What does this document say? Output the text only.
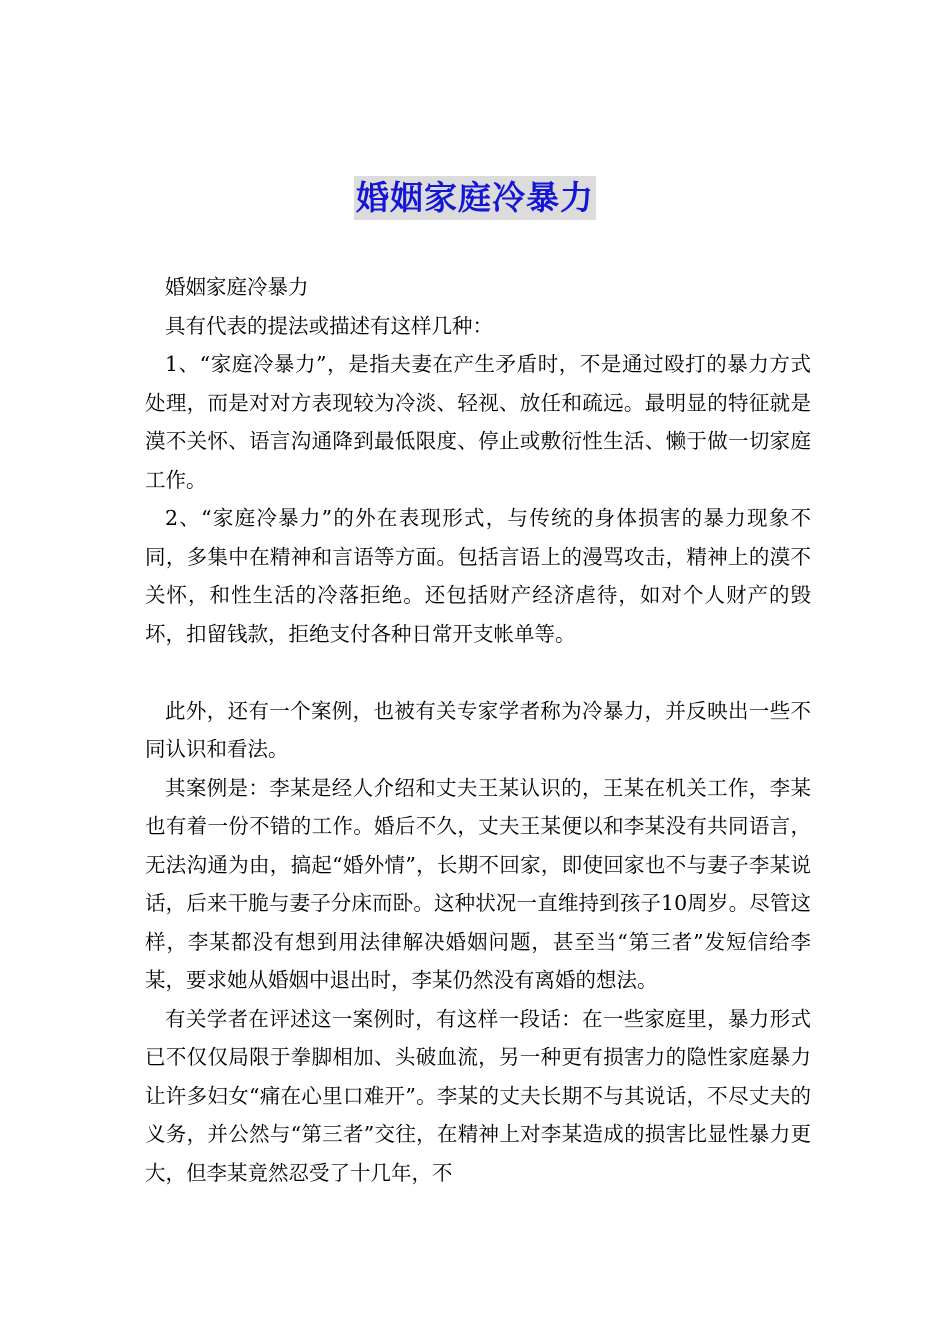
婚姻家庭冷暴力

婚姻家庭冷暴力

具有代表的提法或描述有这样几种：

1、“家庭冷暴力”，是指夫妻在产生矛盾时，不是通过殴打的暴力方式处理，而是对对方表现较为冷淡、轻视、放任和疏远。最明显的特征就是漠不关怀、语言沟通降到最低限度、停止或敷衍性生活、懒于做一切家庭工作。

2、“家庭冷暴力”的外在表现形式，与传统的身体损害的暴力现象不同，多集中在精神和言语等方面。包括言语上的漫骂攻击，精神上的漠不关怀，和性生活的冷落拒绝。还包括财产经济虐待，如对个人财产的毁坏，扣留钱款，拒绝支付各种日常开支帐单等。

此外，还有一个案例，也被有关专家学者称为冷暴力，并反映出一些不同认识和看法。

其案例是：李某是经人介绍和丈夫王某认识的，王某在机关工作，李某也有着一份不错的工作。婚后不久，丈夫王某便以和李某没有共同语言，无法沟通为由，搞起“婚外情”，长期不回家，即使回家也不与妻子李某说话，后来干脆与妻子分床而卧。这种状况一直维持到孩子10周岁。尽管这样，李某都没有想到用法律解决婚姻问题，甚至当“第三者”发短信给李某，要求她从婚姻中退出时，李某仍然没有离婚的想法。

有关学者在评述这一案例时，有这样一段话：在一些家庭里，暴力形式已不仅仅局限于拳脚相加、头破血流，另一种更有损害力的隐性家庭暴力让许多妇女“痛在心里口难开”。李某的丈夫长期不与其说话，不尽丈夫的义务，并公然与“第三者”交往，在精神上对李某造成的损害比显性暴力更大，但李某竟然忍受了十几年，不
